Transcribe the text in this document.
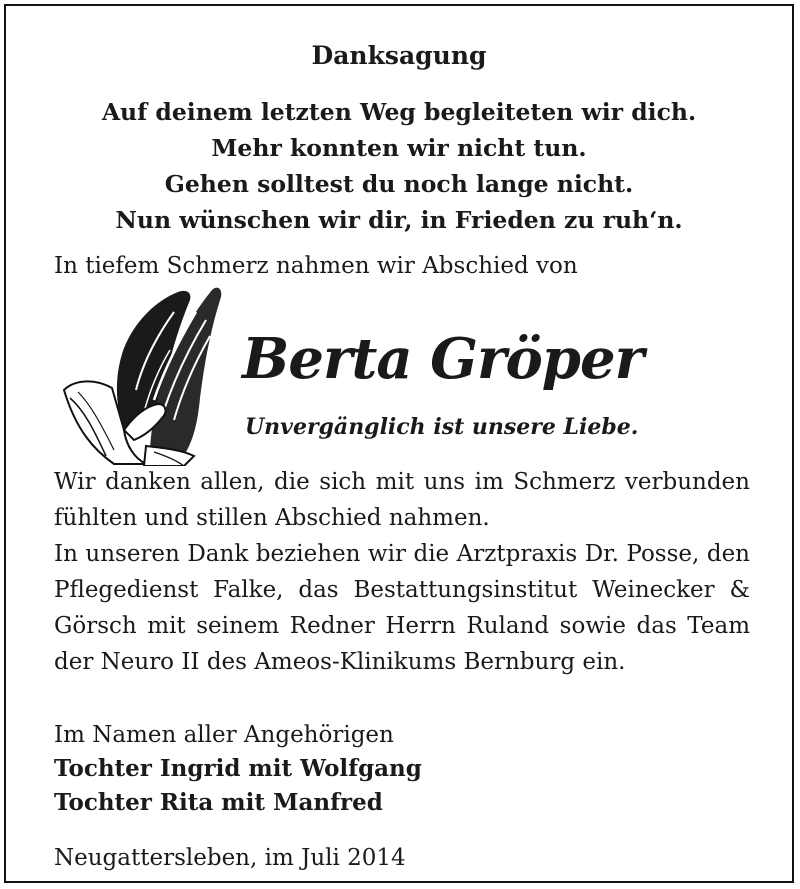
Danksagung
Auf deinem letzten Weg begleiteten wir dich.
Mehr konnten wir nicht tun.
Gehen solltest du noch lange nicht.
Nun wünschen wir dir, in Frieden zu ruh‘n.
In tiefem Schmerz nahmen wir Abschied von
Berta Gröper
Unvergänglich ist unsere Liebe.

Wir danken allen, die sich mit uns im Schmerz verbunden fühlten und stillen Abschied nahmen.

In unseren Dank beziehen wir die Arztpraxis Dr. Posse, den Pflegedienst Falke, das Bestattungsinstitut Weinecker & Görsch mit seinem Redner Herrn Ruland sowie das Team der Neuro II des Ameos-Klinikums Bernburg ein.

Im Namen aller Angehörigen
Tochter Ingrid mit Wolfgang
Tochter Rita mit Manfred
Neugattersleben, im Juli 2014
